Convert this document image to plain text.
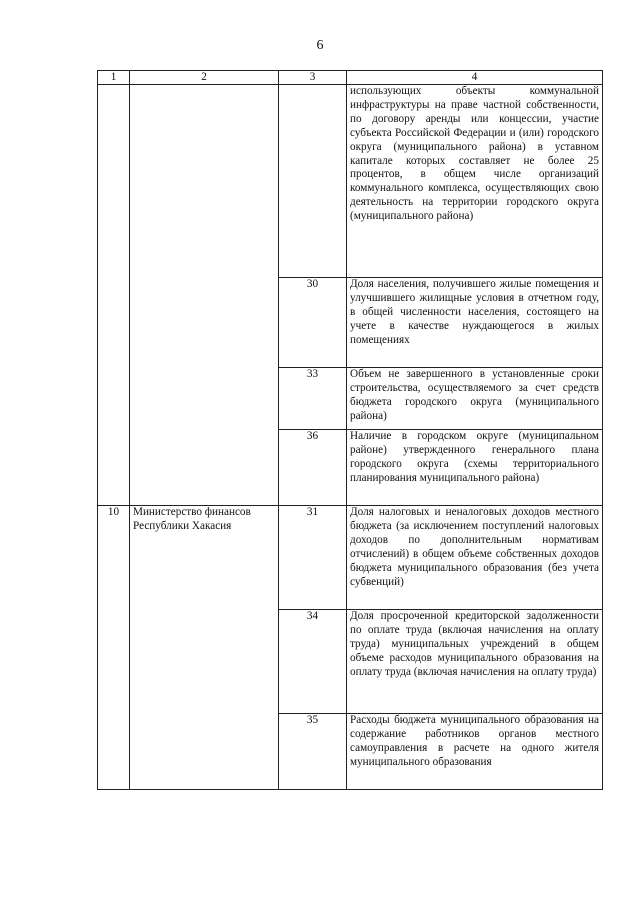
6
1	2	3	4
			использующих объекты коммунальной инфраструктуры на праве частной собственности, по договору аренды или концессии, участие субъекта Российской Федерации и (или) городского округа (муниципального района) в уставном капитале которых составляет не более 25 процентов, в общем числе организаций коммунального комплекса, осуществляющих свою деятельность на территории городского округа (муниципального района)
		30	Доля населения, получившего жилые помещения и улучшившего жилищные условия в отчетном году, в общей численности населения, состоящего на учете в качестве нуждающегося в жилых помещениях
		33	Объем не завершенного в установленные сроки строительства, осуществляемого за счет средств бюджета городского округа (муниципального района)
		36	Наличие в городском округе (муниципальном районе) утвержденного генерального плана городского округа (схемы территориального планирования муниципального района)
10	Министерство финансов Республики Хакасия	31	Доля налоговых и неналоговых доходов местного бюджета (за исключением поступлений налоговых доходов по дополнительным нормативам отчислений) в общем объеме собственных доходов бюджета муниципального образования (без учета субвенций)
		34	Доля просроченной кредиторской задолженности по оплате труда (включая начисления на оплату труда) муниципальных учреждений в общем объеме расходов муниципального образования на оплату труда (включая начисления на оплату труда)
		35	Расходы бюджета муниципального образования на содержание работников органов местного самоуправления в расчете на одного жителя муниципального образования
